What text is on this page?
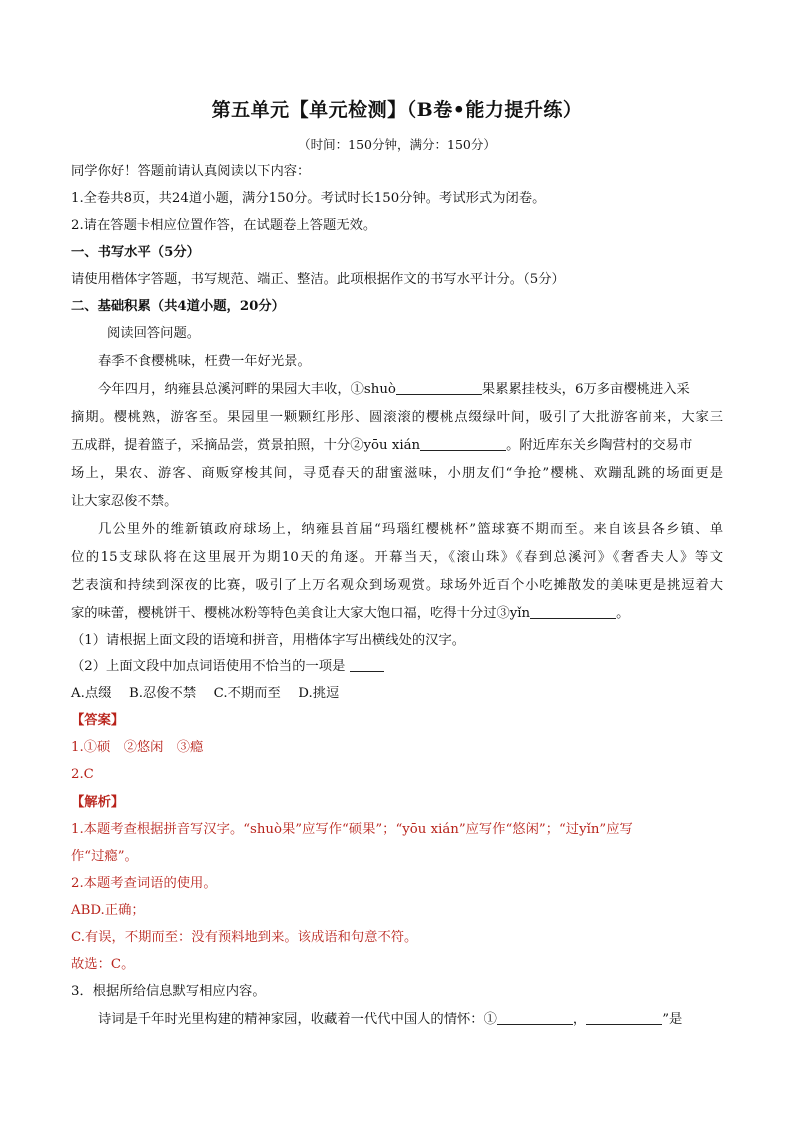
第五单元【单元检测】（B卷•能力提升练）
（时间：150分钟，满分：150分）
同学你好！答题前请认真阅读以下内容：
1.全卷共8页，共24道小题，满分150分。考试时长150分钟。考试形式为闭卷。
2.请在答题卡相应位置作答，在试题卷上答题无效。
一、书写水平（5分）
请使用楷体字答题，书写规范、端正、整洁。此项根据作文的书写水平计分。（5分）
二、基础积累（共4道小题，20分）
阅读回答问题。
春季不食樱桃味，枉费一年好光景。
今年四月，纳雍县总溪河畔的果园大丰收，①shuò	果累累挂枝头，6万多亩樱桃进入采
摘期。樱桃熟，游客至。果园里一颗颗红彤彤、圆滚滚的樱桃点缀绿叶间，吸引了大批游客前来，大家三
五成群，提着篮子，采摘品尝，赏景拍照，十分②yōu xián	。附近库东关乡陶营村的交易市
场上，果农、游客、商贩穿梭其间，寻觅春天的甜蜜滋味，小朋友们“争抢”樱桃、欢蹦乱跳的场面更是
让大家忍俊不禁。
几公里外的维新镇政府球场上，纳雍县首届“玛瑙红樱桃杯”篮球赛不期而至。来自该县各乡镇、单
位的15支球队将在这里展开为期10天的角逐。开幕当天，《滚山珠》《春到总溪河》《奢香夫人》等文
艺表演和持续到深夜的比赛，吸引了上万名观众到场观赏。球场外近百个小吃摊散发的美味更是挑逗着大
家的味蕾，樱桃饼干、樱桃冰粉等特色美食让大家大饱口福，吃得十分过③yǐn	。
（1）请根据上面文段的语境和拼音，用楷体字写出横线处的汉字。
（2）上面文段中加点词语使用不恰当的一项是
A.点缀　 B.忍俊不禁　 C.不期而至　 D.挑逗
【答案】
1.①硕　②悠闲　③瘾
2.C
【解析】
1.本题考查根据拼音写汉字。“shuò果”应写作“硕果”；“yōu xián”应写作“悠闲”；“过yǐn”应写
作“过瘾”。
2.本题考查词语的使用。
ABD.正确；
C.有误，不期而至：没有预料地到来。该成语和句意不符。
故选：C。
3．根据所给信息默写相应内容。
诗词是千年时光里构建的精神家园，收藏着一代代中国人的情怀：①	，	”是
